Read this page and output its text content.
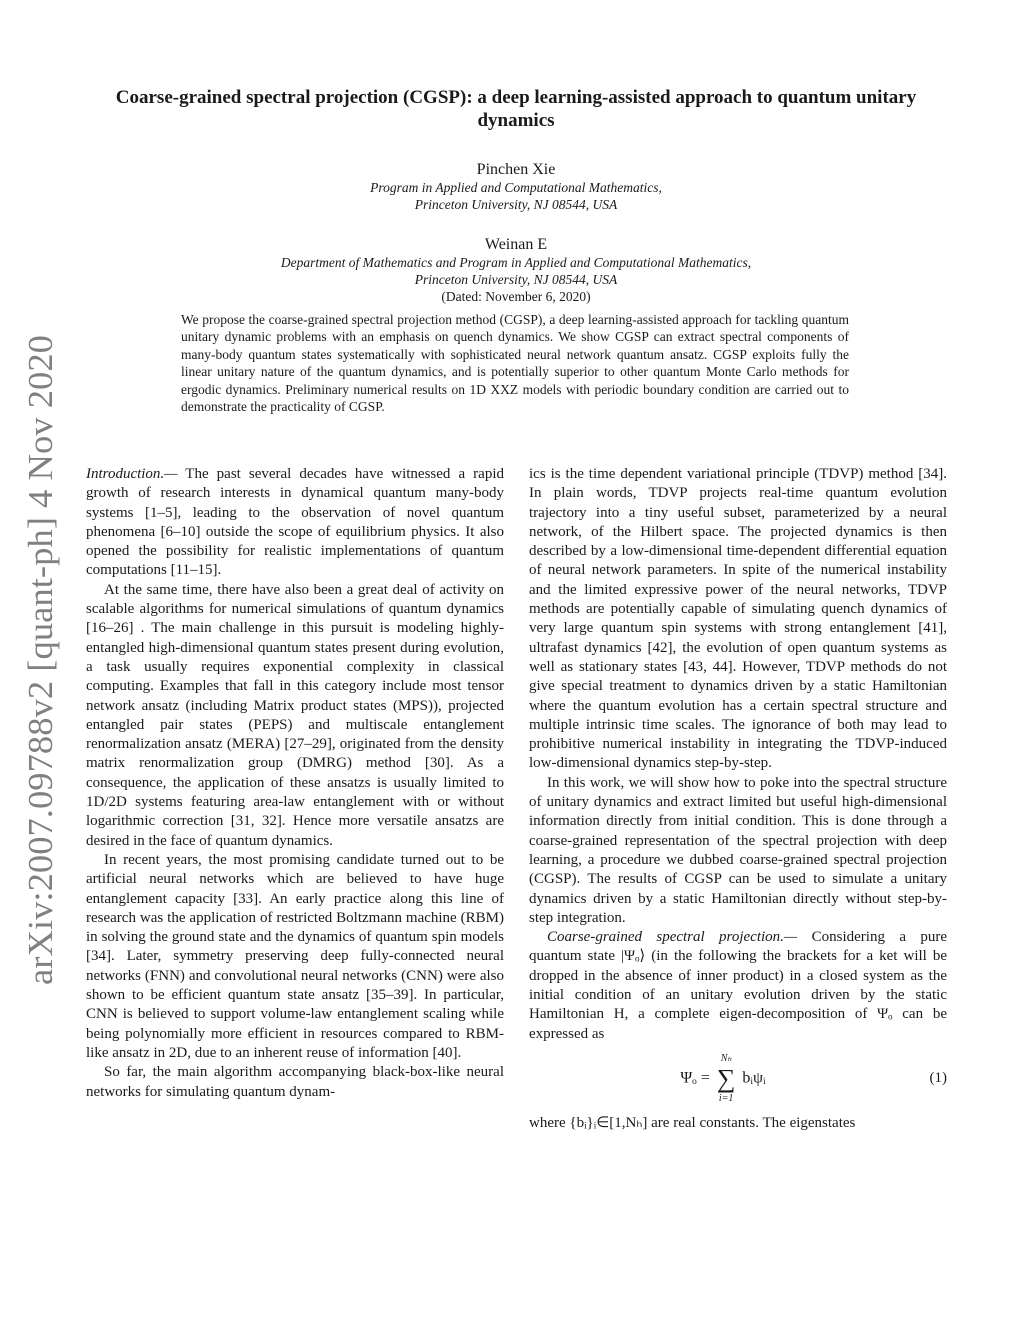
arXiv:2007.09788v2 [quant-ph] 4 Nov 2020
Coarse-grained spectral projection (CGSP): a deep learning-assisted approach to quantum unitary dynamics

Pinchen Xie

Program in Applied and Computational Mathematics,

Princeton University, NJ 08544, USA

Weinan E

Department of Mathematics and Program in Applied and Computational Mathematics,

Princeton University, NJ 08544, USA

(Dated: November 6, 2020)

We propose the coarse-grained spectral projection method (CGSP), a deep learning-assisted approach for tackling quantum unitary dynamic problems with an emphasis on quench dynamics. We show CGSP can extract spectral components of many-body quantum states systematically with sophisticated neural network quantum ansatz. CGSP exploits fully the linear unitary nature of the quantum dynamics, and is potentially superior to other quantum Monte Carlo methods for ergodic dynamics. Preliminary numerical results on 1D XXZ models with periodic boundary condition are carried out to demonstrate the practicality of CGSP.

Introduction.— The past several decades have witnessed a rapid growth of research interests in dynamical quantum many-body systems [1–5], leading to the observation of novel quantum phenomena [6–10] outside the scope of equilibrium physics. It also opened the possibility for realistic implementations of quantum computations [11–15].

At the same time, there have also been a great deal of activity on scalable algorithms for numerical simulations of quantum dynamics [16–26] . The main challenge in this pursuit is modeling highly-entangled high-dimensional quantum states present during evolution, a task usually requires exponential complexity in classical computing. Examples that fall in this category include most tensor network ansatz (including Matrix product states (MPS)), projected entangled pair states (PEPS) and multiscale entanglement renormalization ansatz (MERA) [27–29], originated from the density matrix renormalization group (DMRG) method [30]. As a consequence, the application of these ansatzs is usually limited to 1D/2D systems featuring area-law entanglement with or without logarithmic correction [31, 32]. Hence more versatile ansatzs are desired in the face of quantum dynamics.

In recent years, the most promising candidate turned out to be artificial neural networks which are believed to have huge entanglement capacity [33]. An early practice along this line of research was the application of restricted Boltzmann machine (RBM) in solving the ground state and the dynamics of quantum spin models [34]. Later, symmetry preserving deep fully-connected neural networks (FNN) and convolutional neural networks (CNN) were also shown to be efficient quantum state ansatz [35–39]. In particular, CNN is believed to support volume-law entanglement scaling while being polynomially more efficient in resources compared to RBM-like ansatz in 2D, due to an inherent reuse of information [40].

So far, the main algorithm accompanying black-box-like neural networks for simulating quantum dynam-

ics is the time dependent variational principle (TDVP) method [34]. In plain words, TDVP projects real-time quantum evolution trajectory into a tiny useful subset, parameterized by a neural network, of the Hilbert space. The projected dynamics is then described by a low-dimensional time-dependent differential equation of neural network parameters. In spite of the numerical instability and the limited expressive power of the neural networks, TDVP methods are potentially capable of simulating quench dynamics of very large quantum spin systems with strong entanglement [41], ultrafast dynamics [42], the evolution of open quantum systems as well as stationary states [43, 44]. However, TDVP methods do not give special treatment to dynamics driven by a static Hamiltonian where the quantum evolution has a certain spectral structure and multiple intrinsic time scales. The ignorance of both may lead to prohibitive numerical instability in integrating the TDVP-induced low-dimensional dynamics step-by-step.

In this work, we will show how to poke into the spectral structure of unitary dynamics and extract limited but useful high-dimensional information directly from initial condition. This is done through a coarse-grained representation of the spectral projection with deep learning, a procedure we dubbed coarse-grained spectral projection (CGSP). The results of CGSP can be used to simulate a unitary dynamics driven by a static Hamiltonian directly without step-by-step integration.

Coarse-grained spectral projection.— Considering a pure quantum state |Ψₒ⟩ (in the following the brackets for a ket will be dropped in the absence of inner product) in a closed system as the initial condition of an unitary evolution driven by the static Hamiltonian H, a complete eigen-decomposition of Ψₒ can be expressed as

Ψₒ =
Nₕ
∑
i=1
bᵢψᵢ	(1)

where {bᵢ}ᵢ∈[1,Nₕ] are real constants. The eigenstates
